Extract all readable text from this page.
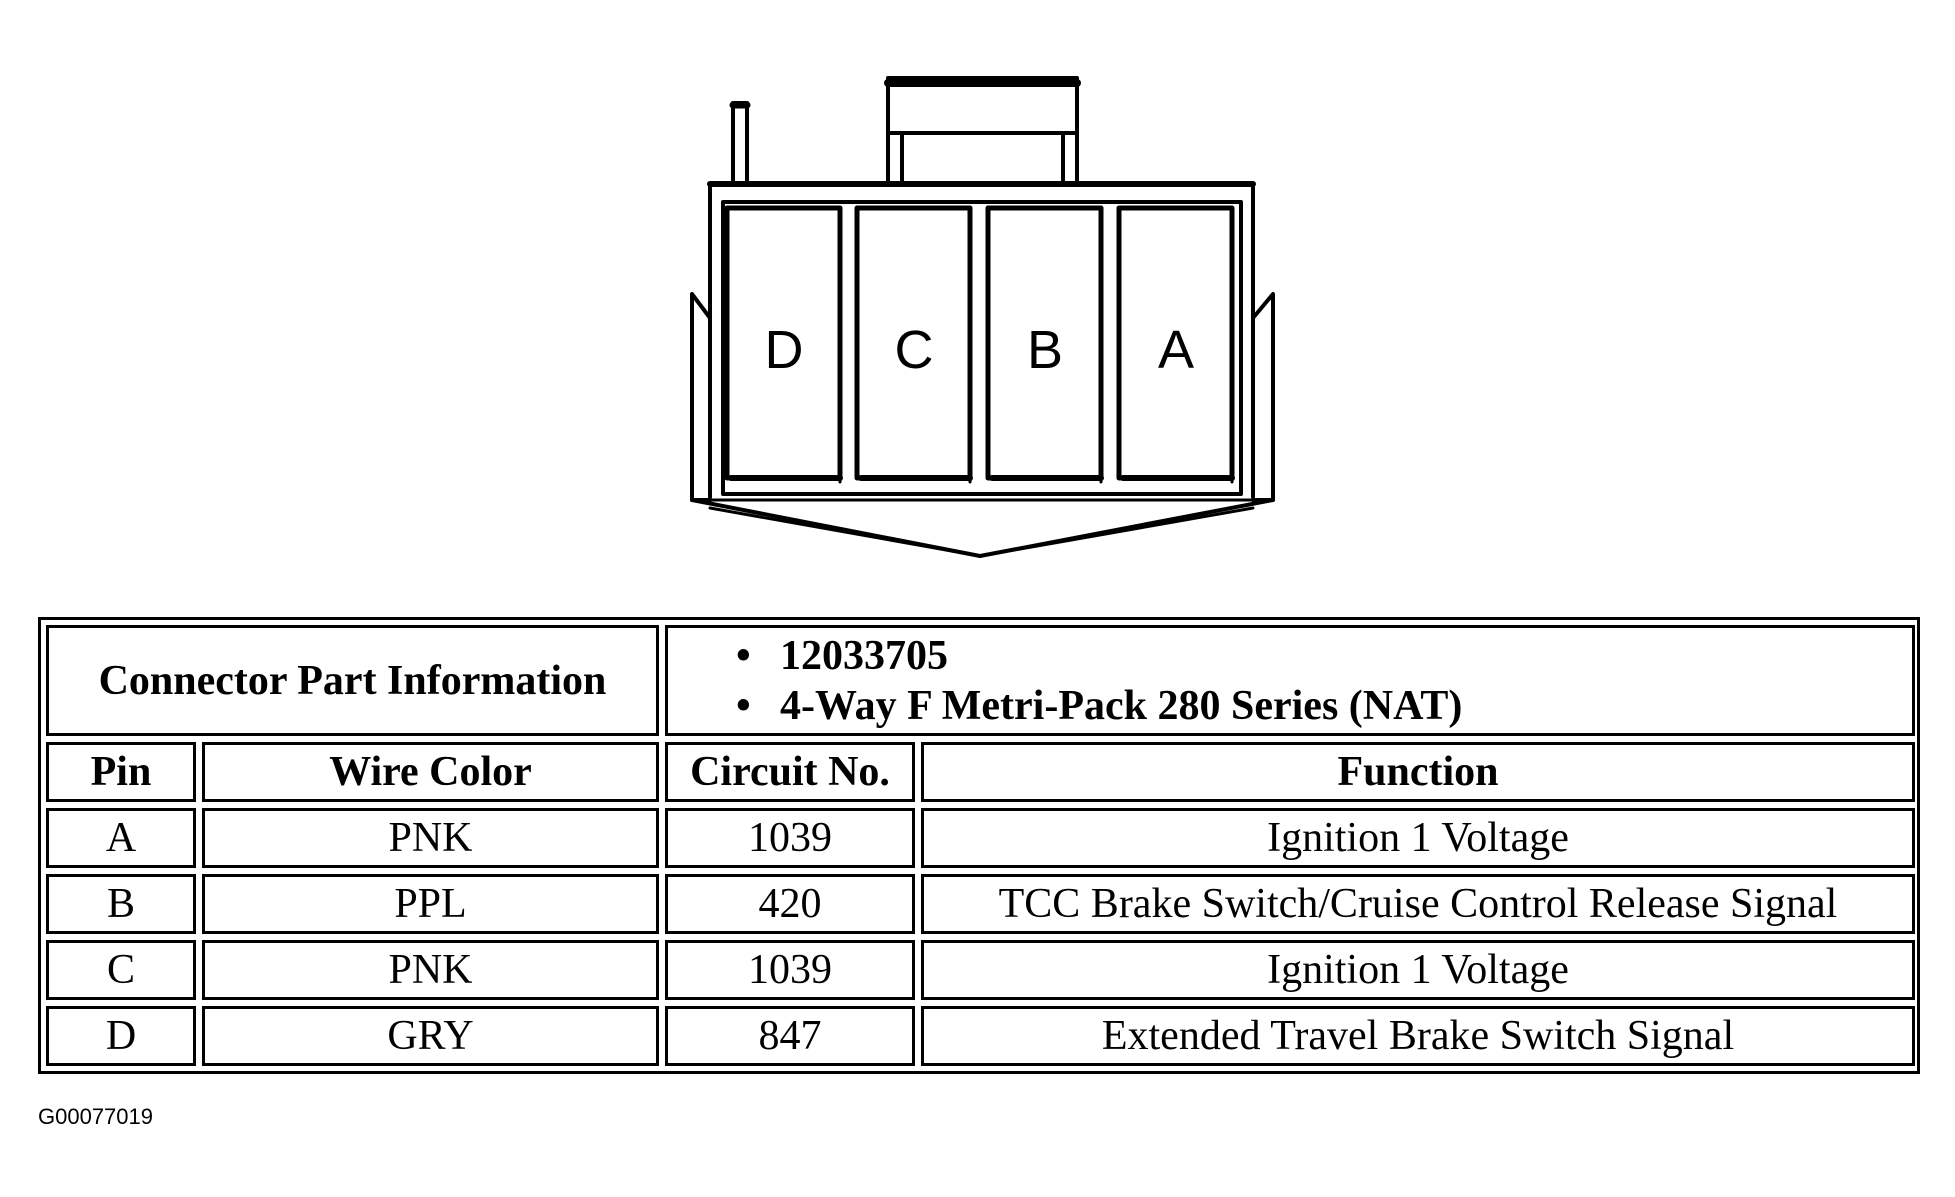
D C B A
Connector Part Information
• 12033705
• 4-Way F Metri-Pack 280 Series (NAT)
Pin	Wire Color	Circuit No.	Function
A	PNK	1039	Ignition 1 Voltage
B	PPL	420	TCC Brake Switch/Cruise Control Release Signal
C	PNK	1039	Ignition 1 Voltage
D	GRY	847	Extended Travel Brake Switch Signal
G00077019
